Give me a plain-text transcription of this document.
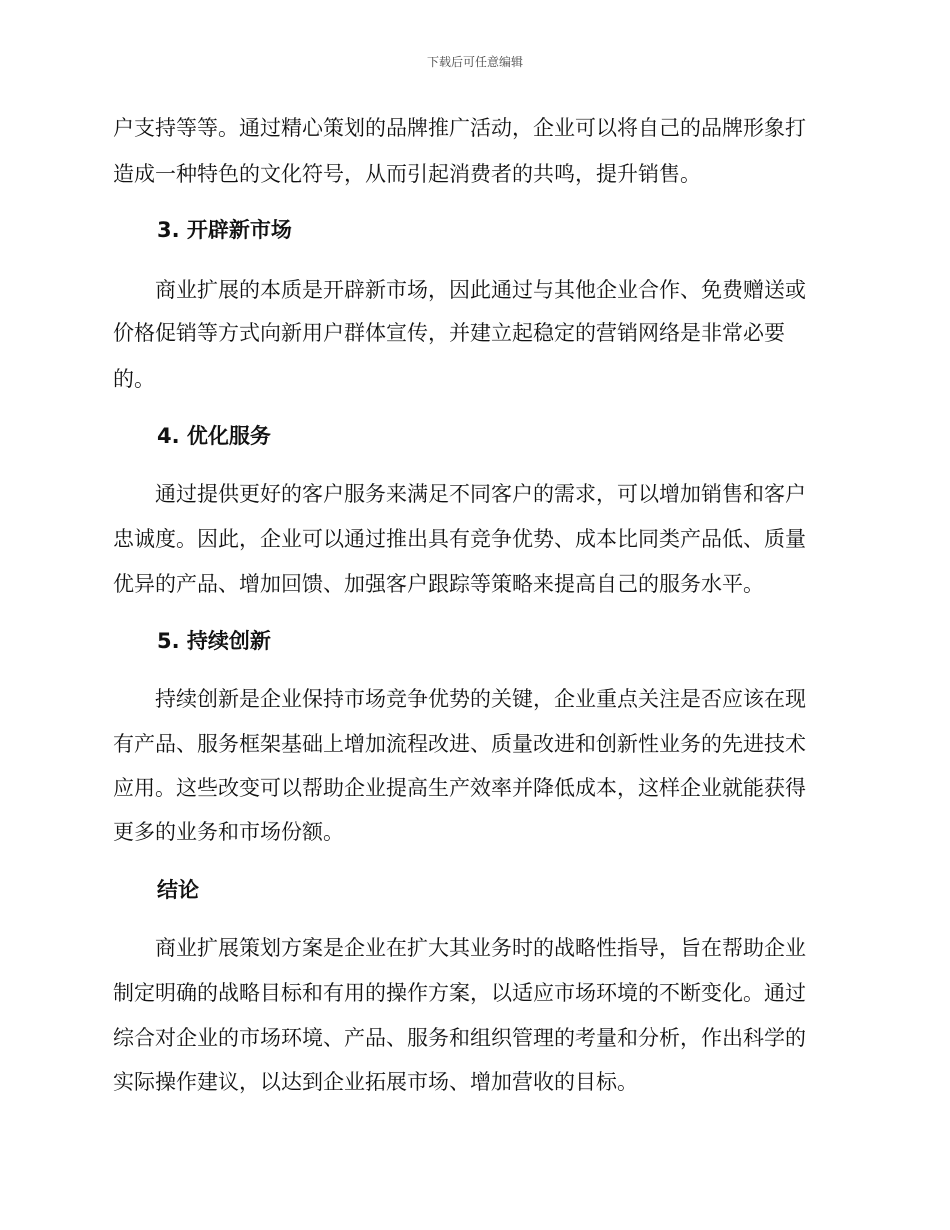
下载后可任意编辑
户支持等等。通过精心策划的品牌推广活动，企业可以将自己的品牌形象打
造成一种特色的文化符号，从而引起消费者的共鸣，提升销售。
3. 开辟新市场
　　商业扩展的本质是开辟新市场，因此通过与其他企业合作、免费赠送或
价格促销等方式向新用户群体宣传，并建立起稳定的营销网络是非常必要
的。
4. 优化服务
　　通过提供更好的客户服务来满足不同客户的需求，可以增加销售和客户
忠诚度。因此，企业可以通过推出具有竞争优势、成本比同类产品低、质量
优异的产品、增加回馈、加强客户跟踪等策略来提高自己的服务水平。
5. 持续创新
　　持续创新是企业保持市场竞争优势的关键，企业重点关注是否应该在现
有产品、服务框架基础上增加流程改进、质量改进和创新性业务的先进技术
应用。这些改变可以帮助企业提高生产效率并降低成本，这样企业就能获得
更多的业务和市场份额。
结论
　　商业扩展策划方案是企业在扩大其业务时的战略性指导，旨在帮助企业
制定明确的战略目标和有用的操作方案，以适应市场环境的不断变化。通过
综合对企业的市场环境、产品、服务和组织管理的考量和分析，作出科学的
实际操作建议，以达到企业拓展市场、增加营收的目标。
